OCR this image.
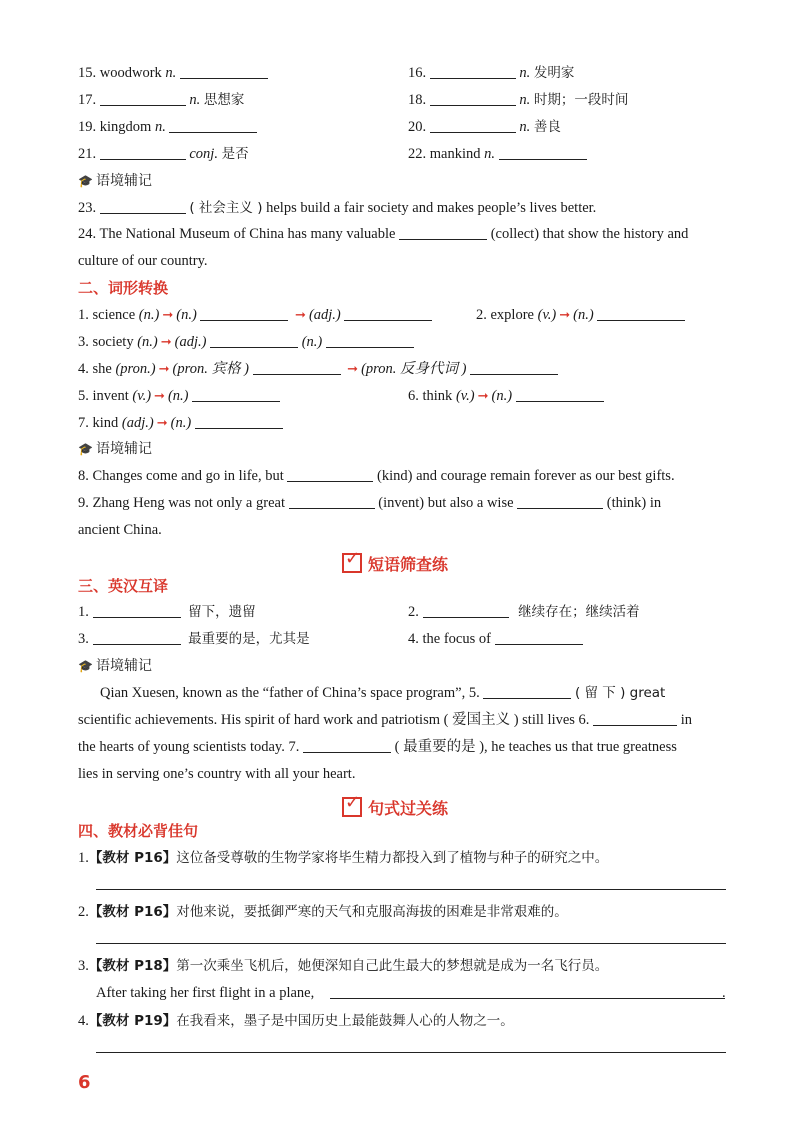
15. woodwork n.	16.	n. 发明家
17.	n. 思想家	18.	n. 时期；一段时间
19. kingdom n.	20.	n. 善良
21.	conj. 是否	22. mankind n.
🎓 语境辅记
23.	( 社会主义 ) helps build a fair society and makes people’s lives better.
24. The National Museum of China has many valuable	(collect) that show the history and
culture of our country.
二、词形转换
1. science (n.) ➞ (n.)	➞ (adj.)	2. explore (v.) ➞ (n.)
3. society (n.) ➞ (adj.)	(n.)
4. she (pron.) ➞ (pron. 宾格 )	➞ (pron. 反身代词 )
5. invent (v.) ➞ (n.)	6. think (v.) ➞ (n.)
7. kind (adj.) ➞ (n.)
🎓 语境辅记
8. Changes come and go in life, but	(kind) and courage remain forever as our best gifts.
9. Zhang Heng was not only a great	(invent) but also a wise	(think) in
ancient China.
✓短语筛查练
三、英汉互译
1.	留下，遗留	2.	继续存在；继续活着
3.	最重要的是，尤其是	4. the focus of
🎓 语境辅记
Qian Xuesen, known as the “father of China’s space program”, 5.	( 留 下 ) great
scientific achievements. His spirit of hard work and patriotism ( 爱国主义 ) still lives 6.	in
the hearts of young scientists today. 7.	( 最重要的是 ), he teaches us that true greatness
lies in serving one’s country with all your heart.
✓句式过关练
四、教材必背佳句
1.【教材 P16】这位备受尊敬的生物学家将毕生精力都投入到了植物与种子的研究之中。
2.【教材 P16】对他来说，要抵御严寒的天气和克服高海拔的困难是非常艰难的。
3.【教材 P18】第一次乘坐飞机后，她便深知自己此生最大的梦想就是成为一名飞行员。
After taking her first flight in a plane,	.
4.【教材 P19】在我看来，墨子是中国历史上最能鼓舞人心的人物之一。
6
